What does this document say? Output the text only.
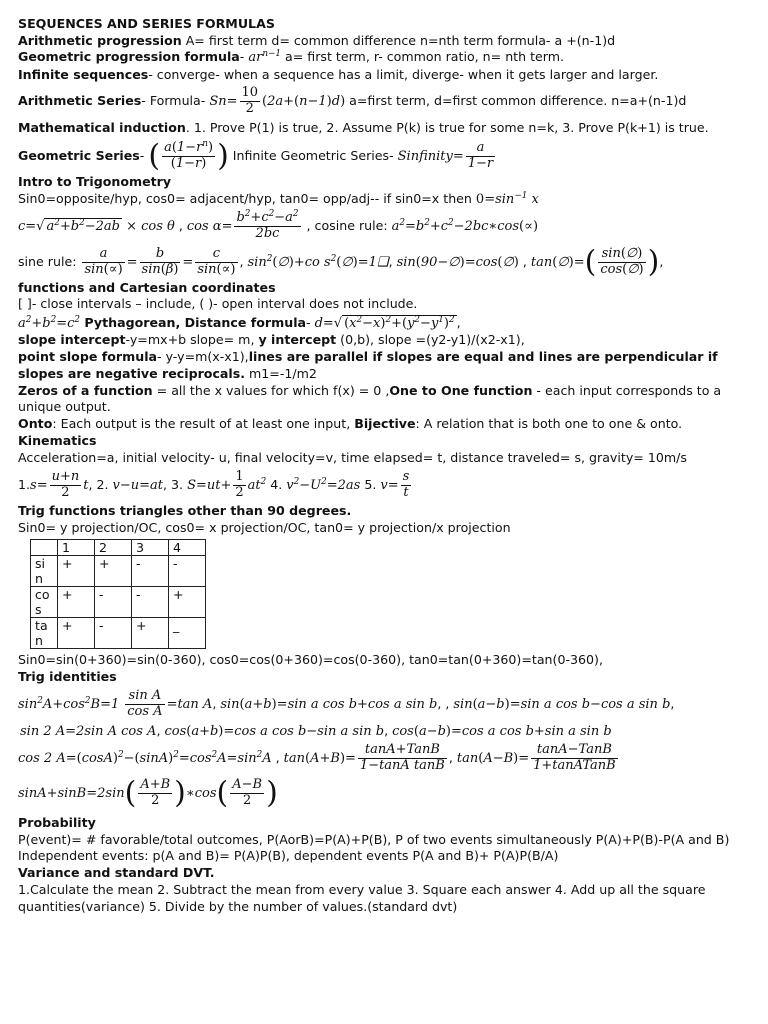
SEQUENCES AND SERIES FORMULAS
Arithmetic progression A= first term d= common difference n=nth term formula- a +(n-1)d
Geometric progression formula- $ar^{n-1}$ a= first term, r- common ratio, n= nth term.
Infinite sequences- converge- when a sequence has a limit, diverge- when it gets larger and larger.
Arithmetic Series- Formula- $Sn= \frac{10}{2} (2a+(n-1)d)$ a=first term, d=first common difference. n=a+(n-1)d
Mathematical induction. 1. Prove P(1) is true, 2. Assume P(k) is true for some n=k, 3. Prove P(k+1) is true.
Geometric Series- ( $\frac{a(1-r^n)}{(1-r)}$ ) Infinite Geometric Series- Sinfinity= $\frac{a}{1-r}$
Intro to Trigonometry
Sin0=opposite/hyp, cos0= adjacent/hyp, tan0= opp/adj-- if sin0=x then $0=\sin^{-1}$ x
c=√ $a^2+b^2-2ab \times \cos \theta$ , $\cos \alpha= \frac{b^2+c^2-a^2}{2bc}$ , cosine rule: $a^2=b^2+c^2-2bc∗\cos(\propto)$
sine rule: $\frac{a}{\sin(\propto)} = \frac{b}{\sin(\beta)} = \frac{c}{\sin(\propto)}$ , $\sin^2(\emptyset)+co$ $s^2(\emptyset)=1❑$, sin(90−∅)=cos(∅) , tan(∅)=( $\frac{\sin(\emptyset)}{\cos(\emptyset)}$ ),
functions and Cartesian coordinates
[ ]- close intervals – include, ( )- open interval does not include.
$a^2+b^2=c^2$ Pythagorean, Distance formula- d=√ $(x^2-x)^2+(y^2-y^1)^2$ ,
slope intercept-y=mx+b slope= m, y intercept (0,b), slope =(y2-y1)/(x2-x1),
point slope formula- y-y=m(x-x1),lines are parallel if slopes are equal and lines are perpendicular if slopes are negative reciprocals. m1=-1/m2
Zeros of a function = all the x values for which f(x) = 0 ,One to One function - each input corresponds to a unique output.
Onto: Each output is the result of at least one input, Bijective: A relation that is both one to one & onto.
Kinematics
Acceleration=a, initial velocity- u, final velocity=v, time elapsed= t, distance traveled= s, gravity= 10m/s
$1.s= \frac{u+n}{2} t$, 2. v−u=at, 3. $S=ut+ \frac{1}{2} at^2$ 4. $v^2-U^2=2as$ 5. $v= \frac{s}{t}$
Trig functions triangles other than 90 degrees.
Sin0= y projection/OC, cos0= x projection/OC, tan0= y projection/x projection
	1	2	3	4
si n	+	+	-	-
co s	+	-	-	+
ta n	+	-	+	_
Sin0=sin(0+360)=sin(0-360), cos0=cos(0+360)=cos(0-360), tan0=tan(0+360)=tan(0-360),
Trig identities
$\sin^2A+\cos^2B=1 \frac{\text{sin A}}{\text{cos A}} =\tan$ A, sin(a+b)=sin a cos b+cos a sin b, , sin(a−b)=sin a cos b−cos a sin b,
sin 2 A=2sin A cos A, cos(a+b)=cos a cos b−sin a sin b, cos(a−b)=cos a cos b+sin a sin b
cos 2 $A=(\cos A)^2-(\sin A)^2=\cos^2A=\sin^2A$ , $\tan(A+B)= \frac{\text{tanA+TanB}}{\text{1−tanA tanB}}$ , $\tan(A-B)= \frac{\text{tanA−TanB}}{\text{1+tanATanB}}$
$\sin A+\sin B=2\sin( \frac{A+B}{2}$ )∗cos( $\frac{A-B}{2}$ )
Probability
P(event)= # favorable/total outcomes, P(AorB)=P(A)+P(B), P of two events simultaneously P(A)+P(B)-P(A and B)
Independent events: p(A and B)= P(A)P(B), dependent events P(A and B)+ P(A)P(B/A)
Variance and standard DVT.
1.Calculate the mean 2. Subtract the mean from every value 3. Square each answer 4. Add up all the square quantities(variance) 5. Divide by the number of values.(standard dvt)
